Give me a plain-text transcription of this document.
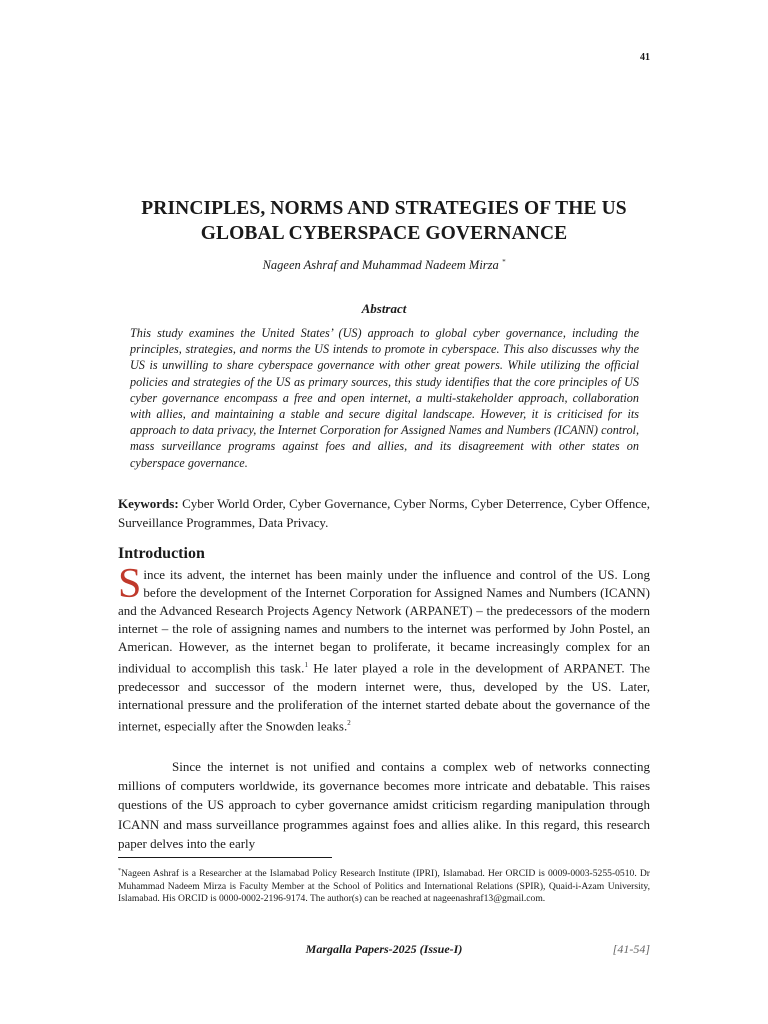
41
PRINCIPLES, NORMS AND STRATEGIES OF THE US
GLOBAL CYBERSPACE GOVERNANCE
Nageen Ashraf and Muhammad Nadeem Mirza *
Abstract
This study examines the United States’ (US) approach to global cyber governance, including the principles, strategies, and norms the US intends to promote in cyberspace. This also discusses why the US is unwilling to share cyberspace governance with other great powers. While utilizing the official policies and strategies of the US as primary sources, this study identifies that the core principles of US cyber governance encompass a free and open internet, a multi-stakeholder approach, collaboration with allies, and maintaining a stable and secure digital landscape. However, it is criticised for its approach to data privacy, the Internet Corporation for Assigned Names and Numbers (ICANN) control, mass surveillance programs against foes and allies, and its disagreement with other states on cyberspace governance.
Keywords: Cyber World Order, Cyber Governance, Cyber Norms, Cyber Deterrence, Cyber Offence, Surveillance Programmes, Data Privacy.
Introduction
Since its advent, the internet has been mainly under the influence and control of the US. Long before the development of the Internet Corporation for Assigned Names and Numbers (ICANN) and the Advanced Research Projects Agency Network (ARPANET) – the predecessors of the modern internet – the role of assigning names and numbers to the internet was performed by John Postel, an American. However, as the internet began to proliferate, it became increasingly complex for an individual to accomplish this task.$^1$ He later played a role in the development of ARPANET. The predecessor and successor of the modern internet were, thus, developed by the US. Later, international pressure and the proliferation of the internet started debate about the governance of the internet, especially after the Snowden leaks.$^2$
Since the internet is not unified and contains a complex web of networks connecting millions of computers worldwide, its governance becomes more intricate and debatable. This raises questions of the US approach to cyber governance amidst criticism regarding manipulation through ICANN and mass surveillance programmes against foes and allies alike. In this regard, this research paper delves into the early
*Nageen Ashraf is a Researcher at the Islamabad Policy Research Institute (IPRI), Islamabad. Her ORCID is 0009-0003-5255-0510. Dr Muhammad Nadeem Mirza is Faculty Member at the School of Politics and International Relations (SPIR), Quaid-i-Azam University, Islamabad. His ORCID is 0000-0002-2196-9174. The author(s) can be reached at nageenashraf13@gmail.com.
Margalla Papers-2025 (Issue-I)	[41-54]
